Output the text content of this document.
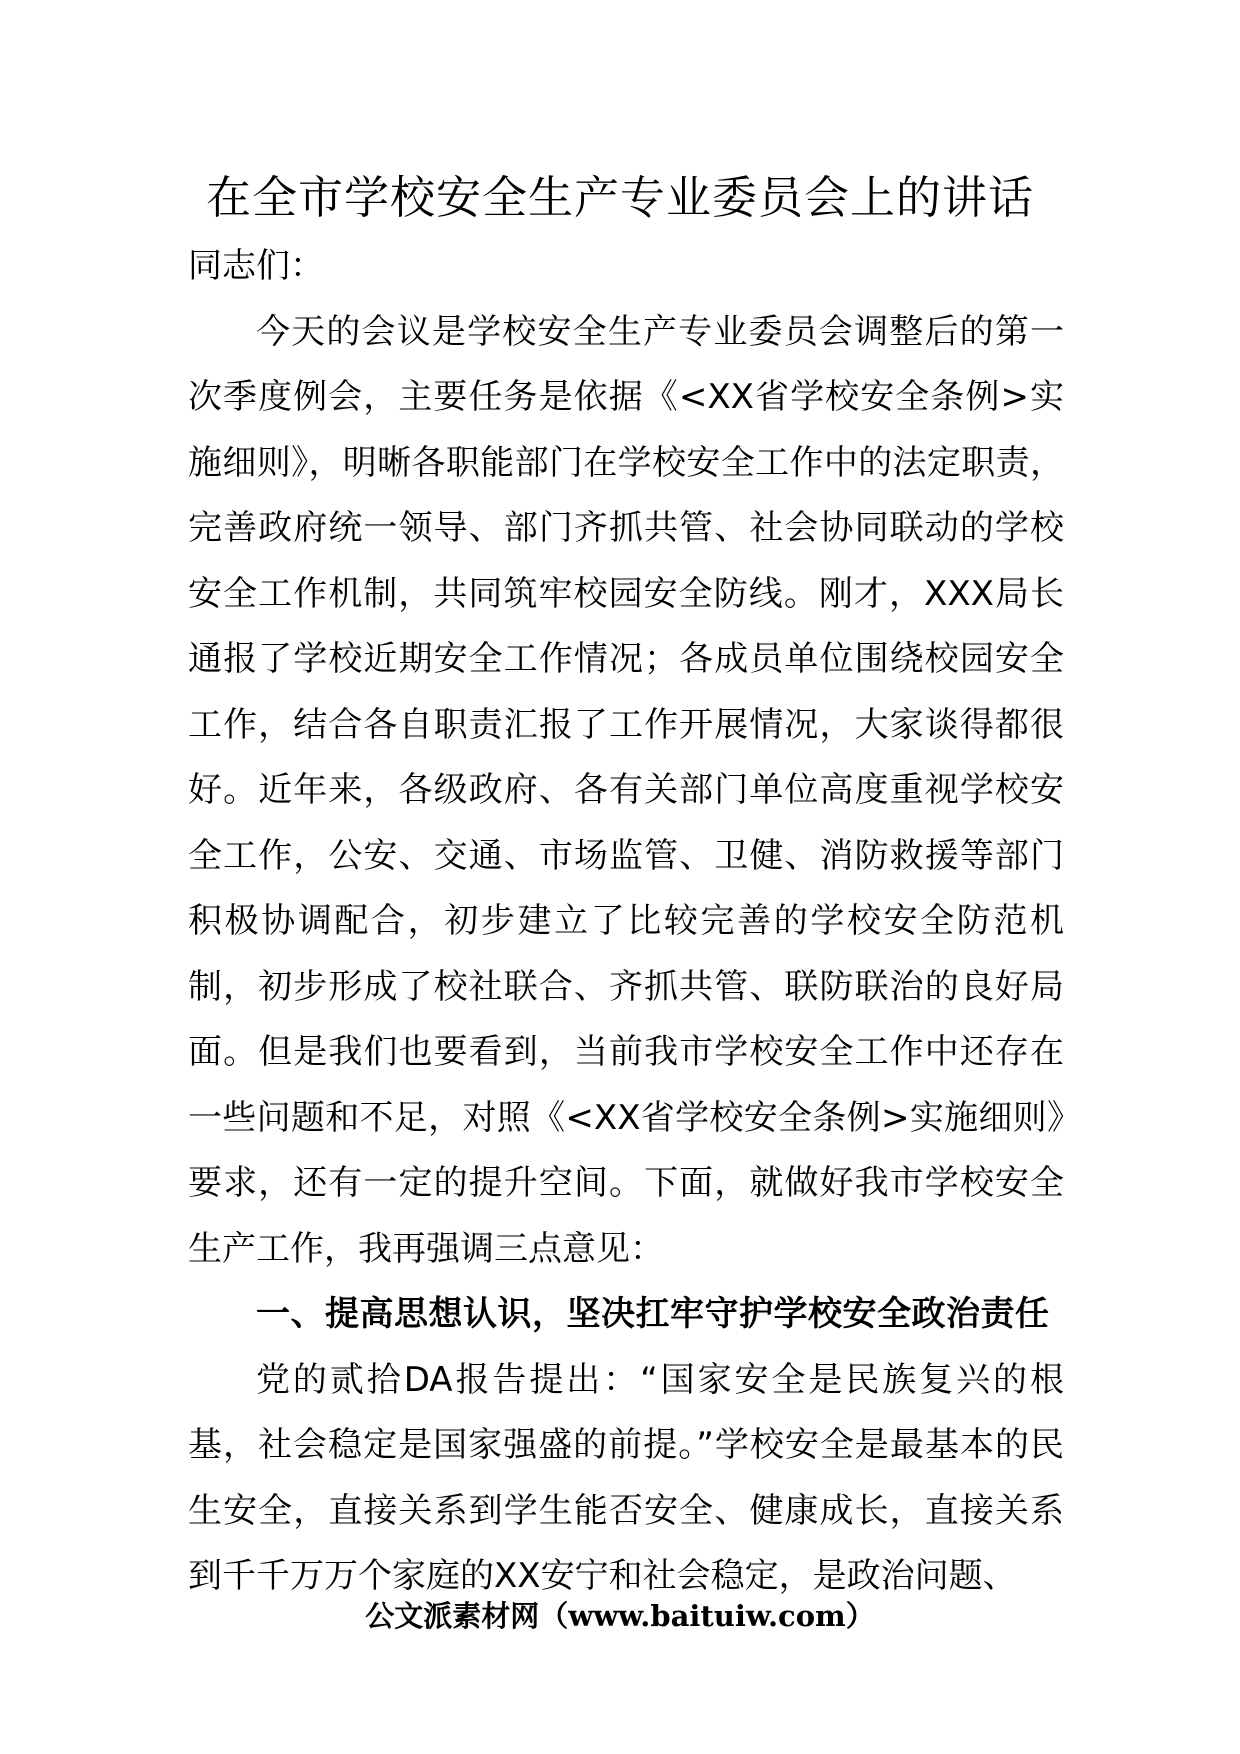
在全市学校安全生产专业委员会上的讲话

同志们：

今天的会议是学校安全生产专业委员会调整后的第一次季度例会，主要任务是依据《<XX省学校安全条例>实施细则》，明晰各职能部门在学校安全工作中的法定职责，完善政府统一领导、部门齐抓共管、社会协同联动的学校安全工作机制，共同筑牢校园安全防线。刚才，XXX局长通报了学校近期安全工作情况；各成员单位围绕校园安全工作，结合各自职责汇报了工作开展情况，大家谈得都很好。近年来，各级政府、各有关部门单位高度重视学校安全工作，公安、交通、市场监管、卫健、消防救援等部门积极协调配合，初步建立了比较完善的学校安全防范机制，初步形成了校社联合、齐抓共管、联防联治的良好局面。但是我们也要看到，当前我市学校安全工作中还存在一些问题和不足，对照《<XX省学校安全条例>实施细则》要求，还有一定的提升空间。下面，就做好我市学校安全生产工作，我再强调三点意见：

一、提高思想认识，坚决扛牢守护学校安全政治责任

党的贰拾DA报告提出：“国家安全是民族复兴的根基，社会稳定是国家强盛的前提。”学校安全是最基本的民生安全，直接关系到学生能否安全、健康成长，直接关系到千千万万个家庭的XX安宁和社会稳定，是政治问题、

公文派素材网（www.baituiw.com）
